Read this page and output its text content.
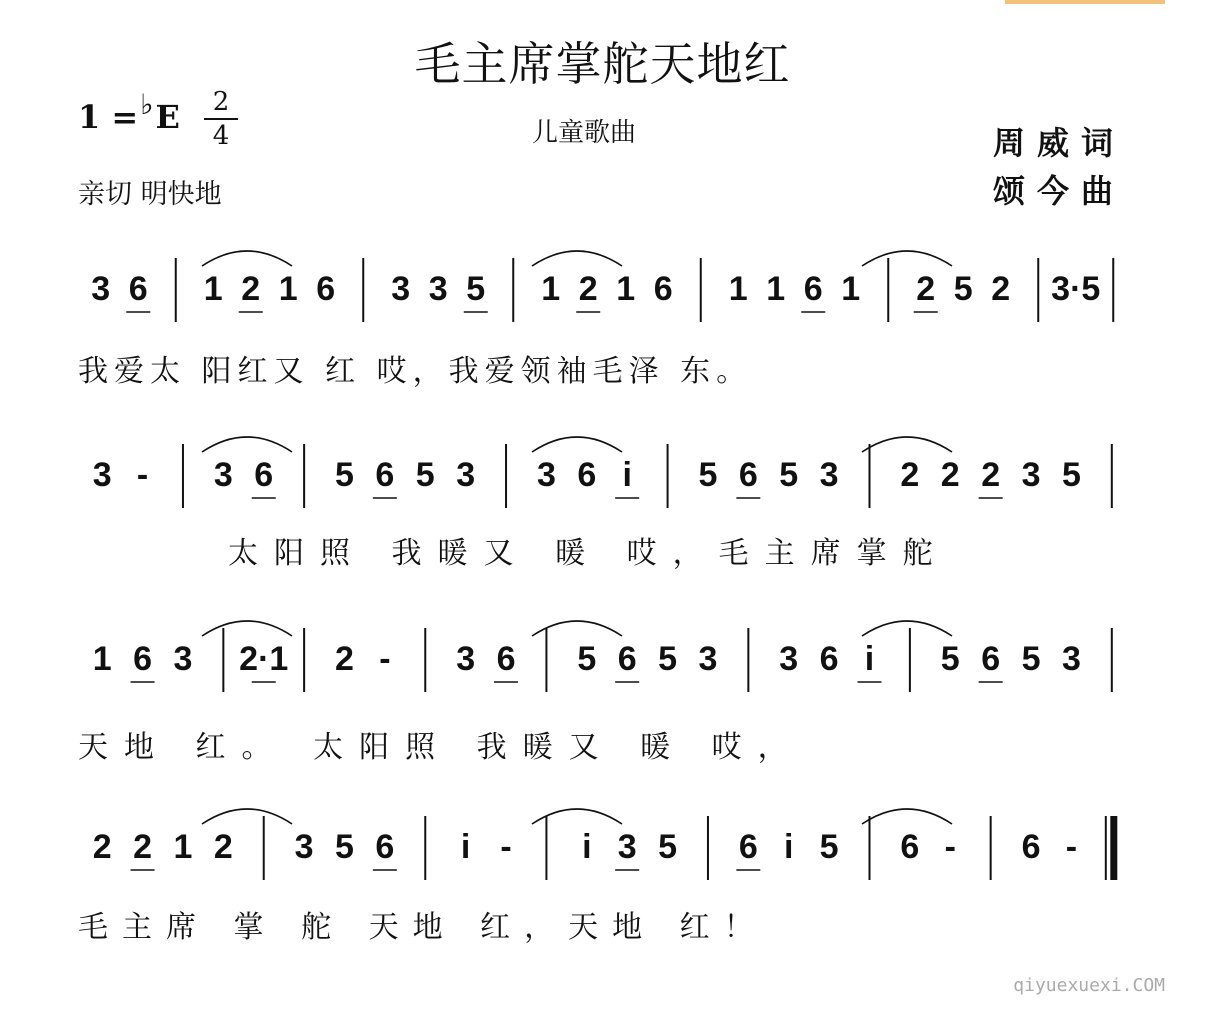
毛主席掌舵天地红
1 =♭E	2
4	儿童歌曲	周威词
颂今曲
亲切 明快地
3 6 1 2 1 6 3 3 5 1 2 1 6 1 1 6 1 2 5 2 3·5
3 - 3 6 5 6 5 3 3 6 i 5 6 5 3 2 2 2 3 5
1 6 3 2·1 2 - 3 6 5 6 5 3 3 6 i 5 6 5 3
2 2 1 2 3 5 6 i - i 3 5 6 i 5 6 - 6 -
我爱太 阳红又 红 哎，我爱领袖毛泽 东。
太阳照 我暖又 暖 哎，毛主席掌舵
天地 红。 太阳照 我暖又 暖 哎，
毛主席 掌 舵 天地 红，天地 红！
qiyuexuexi.COM
